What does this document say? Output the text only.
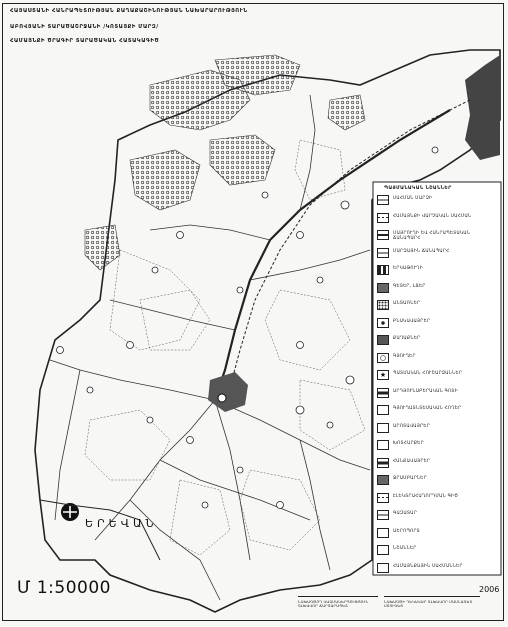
ՀԱՅԱՍՏԱՆԻ ՀԱՆՐԱՊԵՏՈՒԹՅԱՆ ՔԱՂԱՔԱՇԻՆՈՒԹՅԱՆ ՆԱԽԱՐԱՐՈՒԹՅՈՒՆ
ԱԲՈՎՅԱՆԻ ՏԱՐԱԾԱՇՐՋԱՆԻ /ԿՈՏԱՅՔԻ ՄԱՐԶ/
ՀԱՄԱՅՆՔԻ ԾՐԱԳԻՐ ՏԱՐԱԾԱԿԱՆ ՀԱՏԱԿԱԳԻԾ
ՊԱՅՄԱՆԱԿԱՆ ՆՇԱՆՆԵՐ
ՍԱՀՄԱՆ ՄԱՐԶԻ
ՀԱՄԱՅՆՔԻ ՎԱՐՉԱԿԱՆ ՍԱՀՄԱՆ
ՄԱՅՐՈՒՂԻ ԵՎ ՀԱՆՐԱՊԵՏԱԿԱՆ ՃԱՆԱՊԱՐՀ
ՄԱՐԶԱՅԻՆ ՃԱՆԱՊԱՐՀ
ԵՐԿԱԹՈՒՂԻ
ԳԵՏԵՐ, ԼՃԵՐ
ԱՆՏԱՌՆԵՐ
ԲՆԱԿԱՎԱՅՐԵՐ
ՔԱՂԱՔՆԵՐ
ԳՅՈՒՂԵՐ
★	ՊԱՏՄԱԿԱՆ ՀՈՒՇԱՐՁԱՆՆԵՐ
ԱՐԴՅՈՒՆԱԲԵՐԱԿԱՆ ԳՈՏԻ
ԳՅՈՒՂԱՏՆՏԵՍԱԿԱՆ ՀՈՂԵՐ
ԱՐՈՏԱՎԱՅՐԵՐ
ԽՈՏՀԱՐՔԵՐ
ՀԱՆՔԱՎԱՅՐԵՐ
ՋՐԱՄԲԱՐՆԵՐ
ԷԼԵԿՏՐԱՀԱՂՈՐԴՄԱՆ ԳԻԾ
ԳԱԶԱՏԱՐ
ԱԵՐՈՊՈՐՏ
ՆՇԱՆՆԵՐ
ՀԱՄԱՅՆՔԱՅԻՆ ՍԱՀՄԱՆՆԵՐ
ԵՐԵՎԱՆ
Մ 1:50000	2006
ՆԱԽԱԳԾՈՂ ԿԱԶՄԱԿԵՐՊՈՒԹՅՈՒՆ ԳԼԽԱՎՈՐ ՃԱՐՏԱՐԱՊԵՏ
ՆԱԽԱԳԾԻ ՂԵԿԱՎԱՐ ԳԼԽԱՎՈՐ ՄԱՍՆԱԳԵՏ ՍՏՈՒԳԵՑ
